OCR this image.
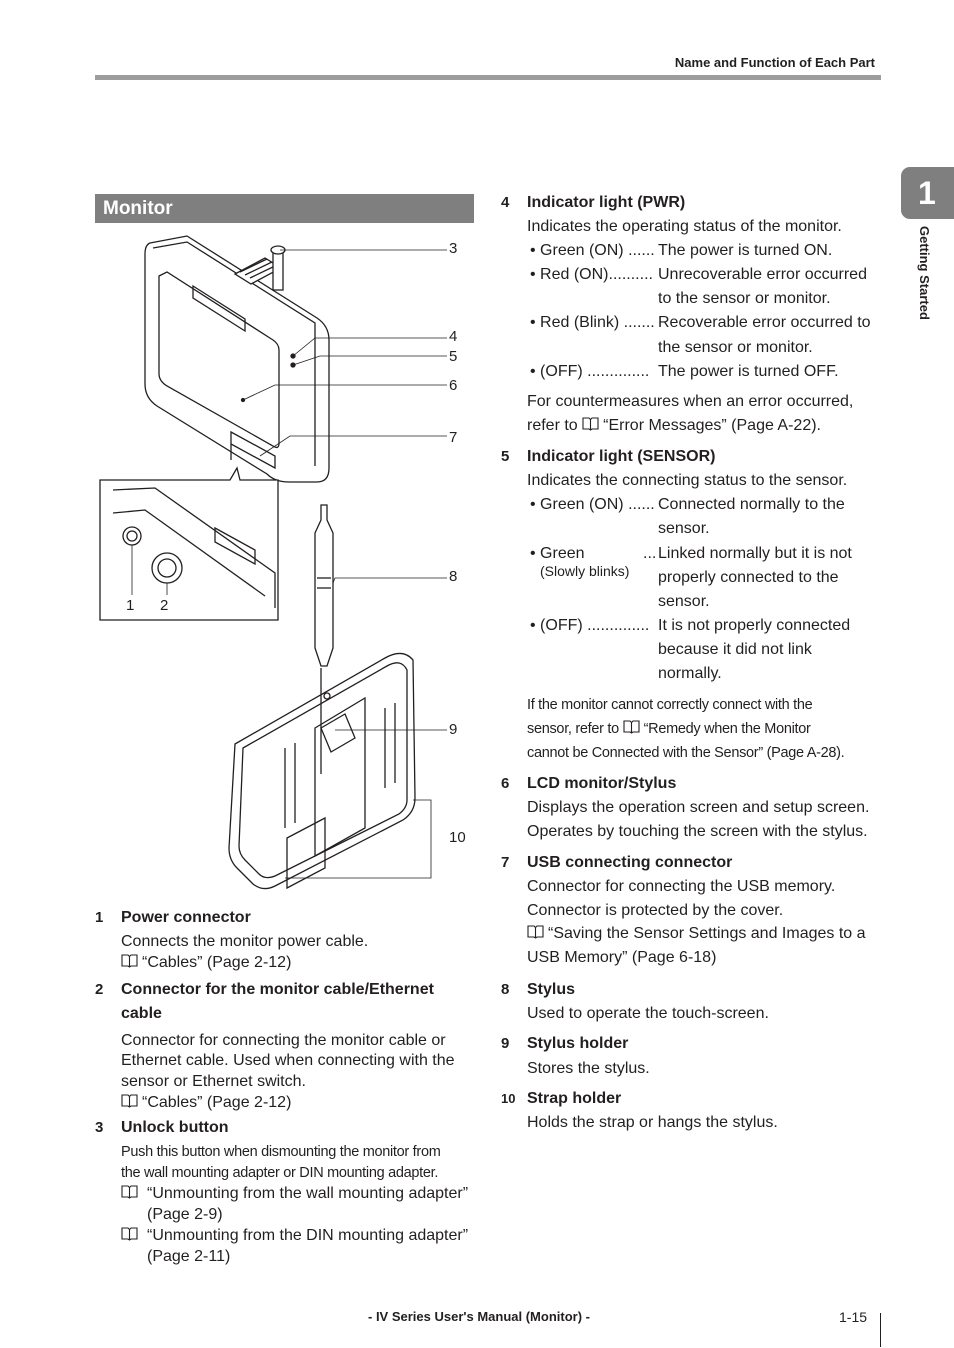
Name and Function of Each Part
1
Getting Started
Monitor
3
4
5
6
7
8
9
10
1 2
1 Power connector
Connects the monitor power cable.
“Cables” (Page 2-12)
2 Connector for the monitor cable/Ethernet
cable
Connector for connecting the monitor cable or
Ethernet cable. Used when connecting with the
sensor or Ethernet switch.
“Cables” (Page 2-12)
3 Unlock button
Push this button when dismounting the monitor from
the wall mounting adapter or DIN mounting adapter.
“Unmounting from the wall mounting adapter”
(Page 2-9)
“Unmounting from the DIN mounting adapter”
(Page 2-11)
4 Indicator light (PWR)
Indicates the operating status of the monitor.
• Green (ON) ...... The power is turned ON.
• Red (ON).......... Unrecoverable error occurred
to the sensor or monitor.
• Red (Blink) ....... Recoverable error occurred to
the sensor or monitor.
• (OFF) .............. The power is turned OFF.
For countermeasures when an error occurred,
refer to “Error Messages” (Page A-22).
5 Indicator light (SENSOR)
Indicates the connecting status to the sensor.
• Green (ON) ...... Connected normally to the
sensor.
• Green
(Slowly blinks)
... Linked normally but it is not
properly connected to the
sensor.
• (OFF) .............. It is not properly connected
because it did not link
normally.
If the monitor cannot correctly connect with the
sensor, refer to “Remedy when the Monitor
cannot be Connected with the Sensor” (Page A-28).
6 LCD monitor/Stylus
Displays the operation screen and setup screen.
Operates by touching the screen with the stylus.
7 USB connecting connector
Connector for connecting the USB memory.
Connector is protected by the cover.
“Saving the Sensor Settings and Images to a
USB Memory” (Page 6-18)
8 Stylus
Used to operate the touch-screen.
9 Stylus holder
Stores the stylus.
10 Strap holder
Holds the strap or hangs the stylus.
- IV Series User's Manual (Monitor) -	1-15
